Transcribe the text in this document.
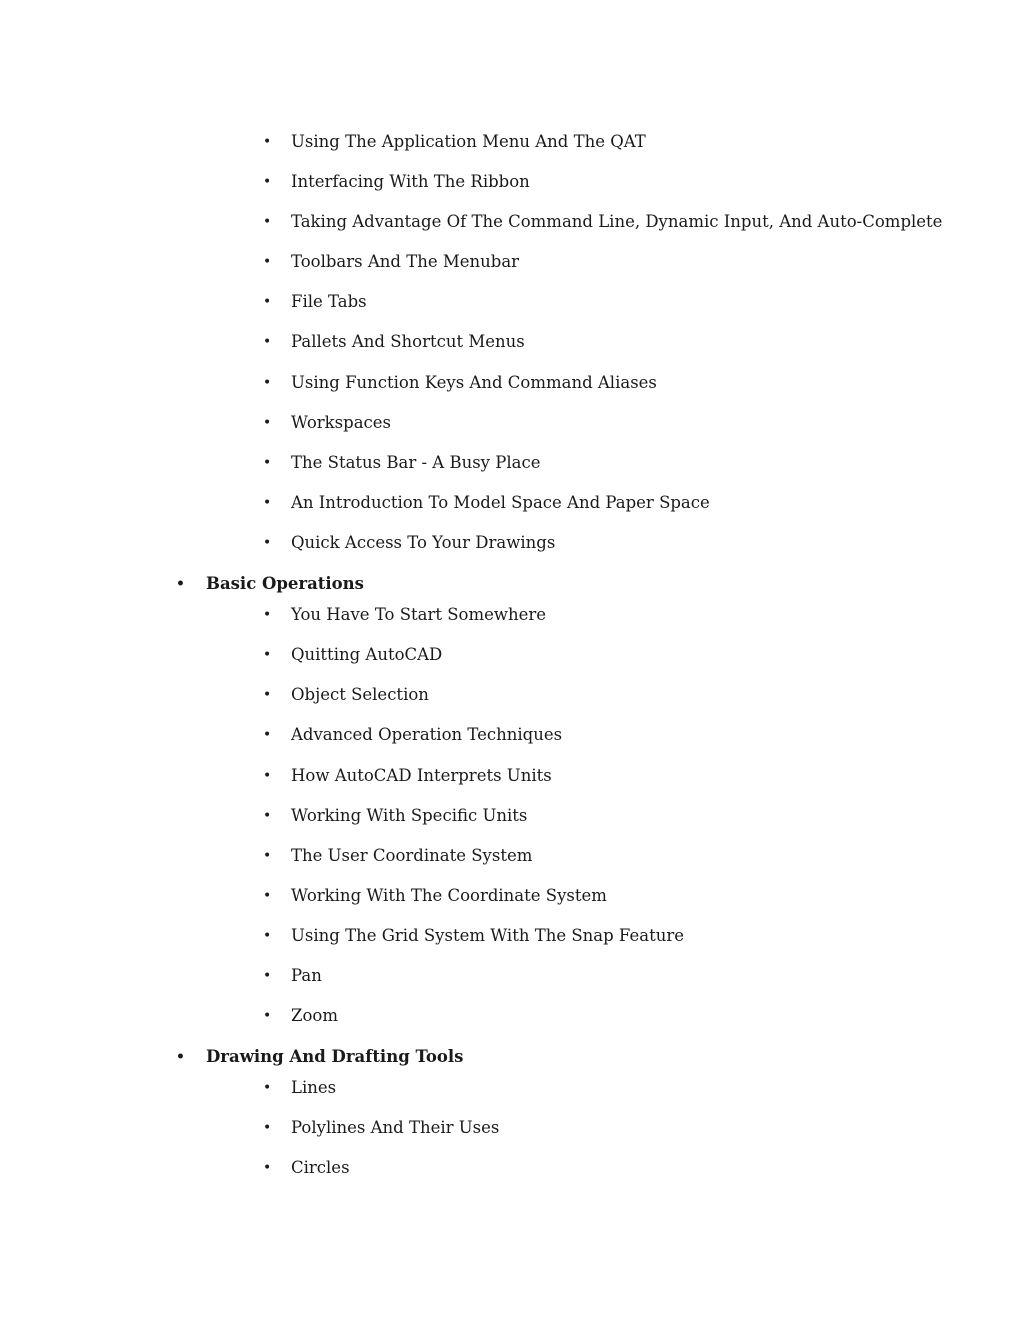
• Using The Application Menu And The QAT
• Interfacing With The Ribbon
• Taking Advantage Of The Command Line, Dynamic Input, And Auto-Complete
• Toolbars And The Menubar
• File Tabs
• Pallets And Shortcut Menus
• Using Function Keys And Command Aliases
• Workspaces
• The Status Bar - A Busy Place
• An Introduction To Model Space And Paper Space
• Quick Access To Your Drawings
• Basic Operations
• You Have To Start Somewhere
• Quitting AutoCAD
• Object Selection
• Advanced Operation Techniques
• How AutoCAD Interprets Units
• Working With Specific Units
• The User Coordinate System
• Working With The Coordinate System
• Using The Grid System With The Snap Feature
• Pan
• Zoom
• Drawing And Drafting Tools
• Lines
• Polylines And Their Uses
• Circles
